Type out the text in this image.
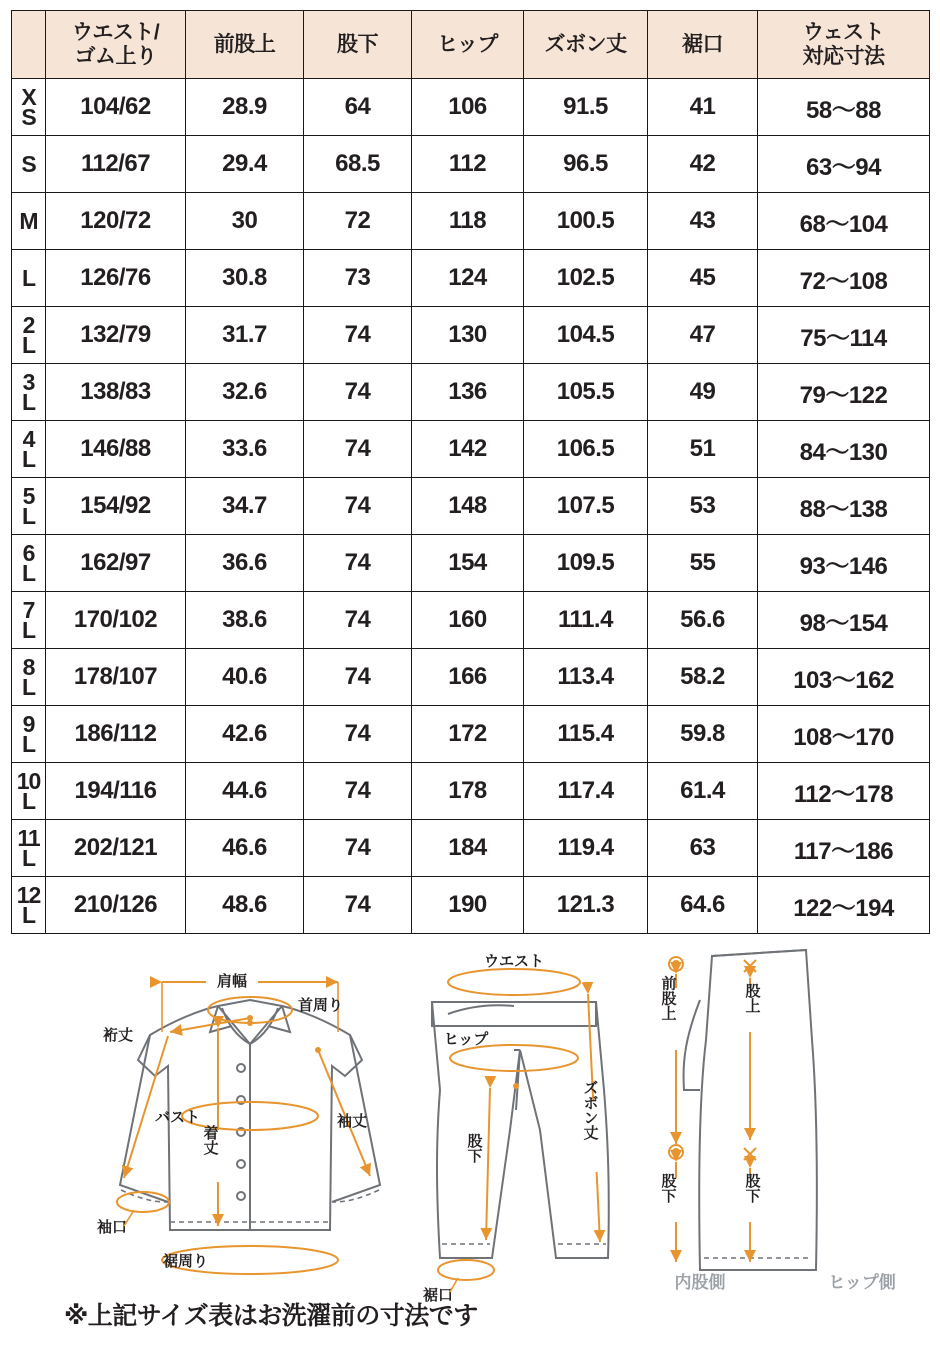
	ウエスト/
ゴム上り	前股上	股下	ヒップ	ズボン丈	裾口	ウェスト
対応寸法

X
S	104/62	28.9	64	106	91.5	41	58〜88

S	112/67	29.4	68.5	112	96.5	42	63〜94

M	120/72	30	72	118	100.5	43	68〜104

L	126/76	30.8	73	124	102.5	45	72〜108

2
L	132/79	31.7	74	130	104.5	47	75〜114

3
L	138/83	32.6	74	136	105.5	49	79〜122

4
L	146/88	33.6	74	142	106.5	51	84〜130

5
L	154/92	34.7	74	148	107.5	53	88〜138

6
L	162/97	36.6	74	154	109.5	55	93〜146

7
L	170/102	38.6	74	160	111.4	56.6	98〜154

8
L	178/107	40.6	74	166	113.4	58.2	103〜162

9
L	186/112	42.6	74	172	115.4	59.8	108〜170

10
L	194/116	44.6	74	178	117.4	61.4	112〜178

11
L	202/121	46.6	74	184	119.4	63	117〜186

12
L	210/126	48.6	74	190	121.3	64.6	122〜194
肩幅
首周り
裄丈
バスト	袖丈
着丈
袖口
裾周り
ウエスト
ヒップ
股下
ズボン丈
裾口
前股上	股上
股下	股下
内股側	ヒップ側
※上記サイズ表はお洗濯前の寸法です
